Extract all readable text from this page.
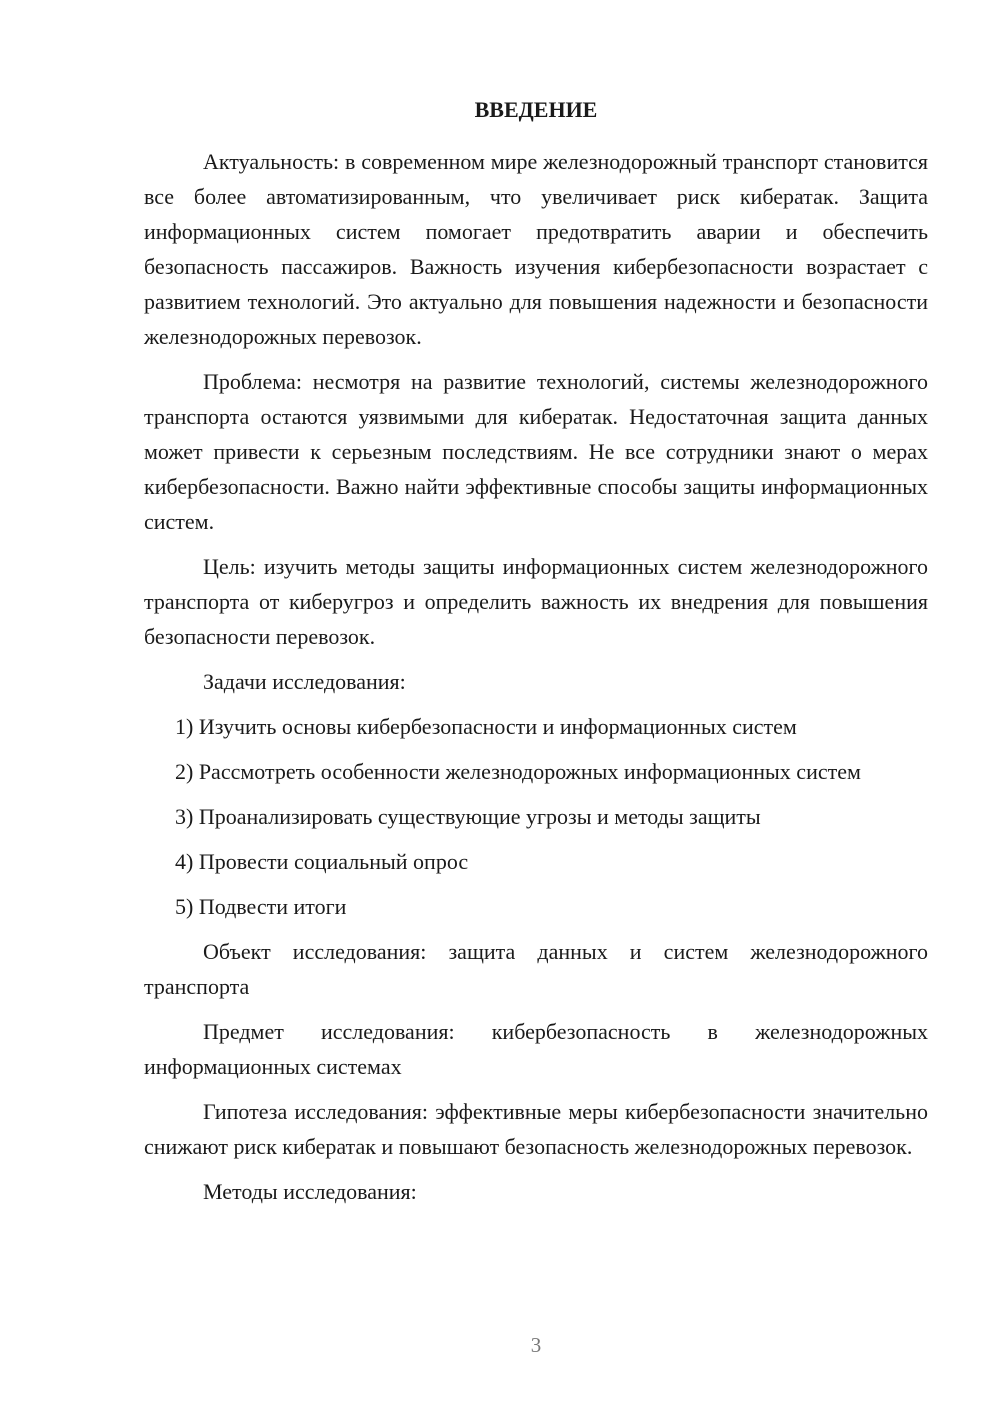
ВВЕДЕНИЕ

Актуальность: в современном мире железнодорожный транспорт становится все более автоматизированным, что увеличивает риск кибератак. Защита информационных систем помогает предотвратить аварии и обеспечить безопасность пассажиров. Важность изучения кибербезопасности возрастает с развитием технологий. Это актуально для повышения надежности и безопасности железнодорожных перевозок.

Проблема: несмотря на развитие технологий, системы железнодорожного транспорта остаются уязвимыми для кибератак. Недостаточная защита данных может привести к серьезным последствиям. Не все сотрудники знают о мерах кибербезопасности. Важно найти эффективные способы защиты информационных систем.

Цель: изучить методы защиты информационных систем железнодорожного транспорта от киберугроз и определить важность их внедрения для повышения безопасности перевозок.

Задачи исследования:

1) Изучить основы кибербезопасности и информационных систем

2) Рассмотреть особенности железнодорожных информационных систем

3) Проанализировать существующие угрозы и методы защиты

4) Провести социальный опрос

5) Подвести итоги

Объект исследования: защита данных и систем железнодорожного транспорта

Предмет исследования: кибербезопасность в железнодорожных информационных системах

Гипотеза исследования: эффективные меры кибербезопасности значительно снижают риск кибератак и повышают безопасность железнодорожных перевозок.

Методы исследования:

3
